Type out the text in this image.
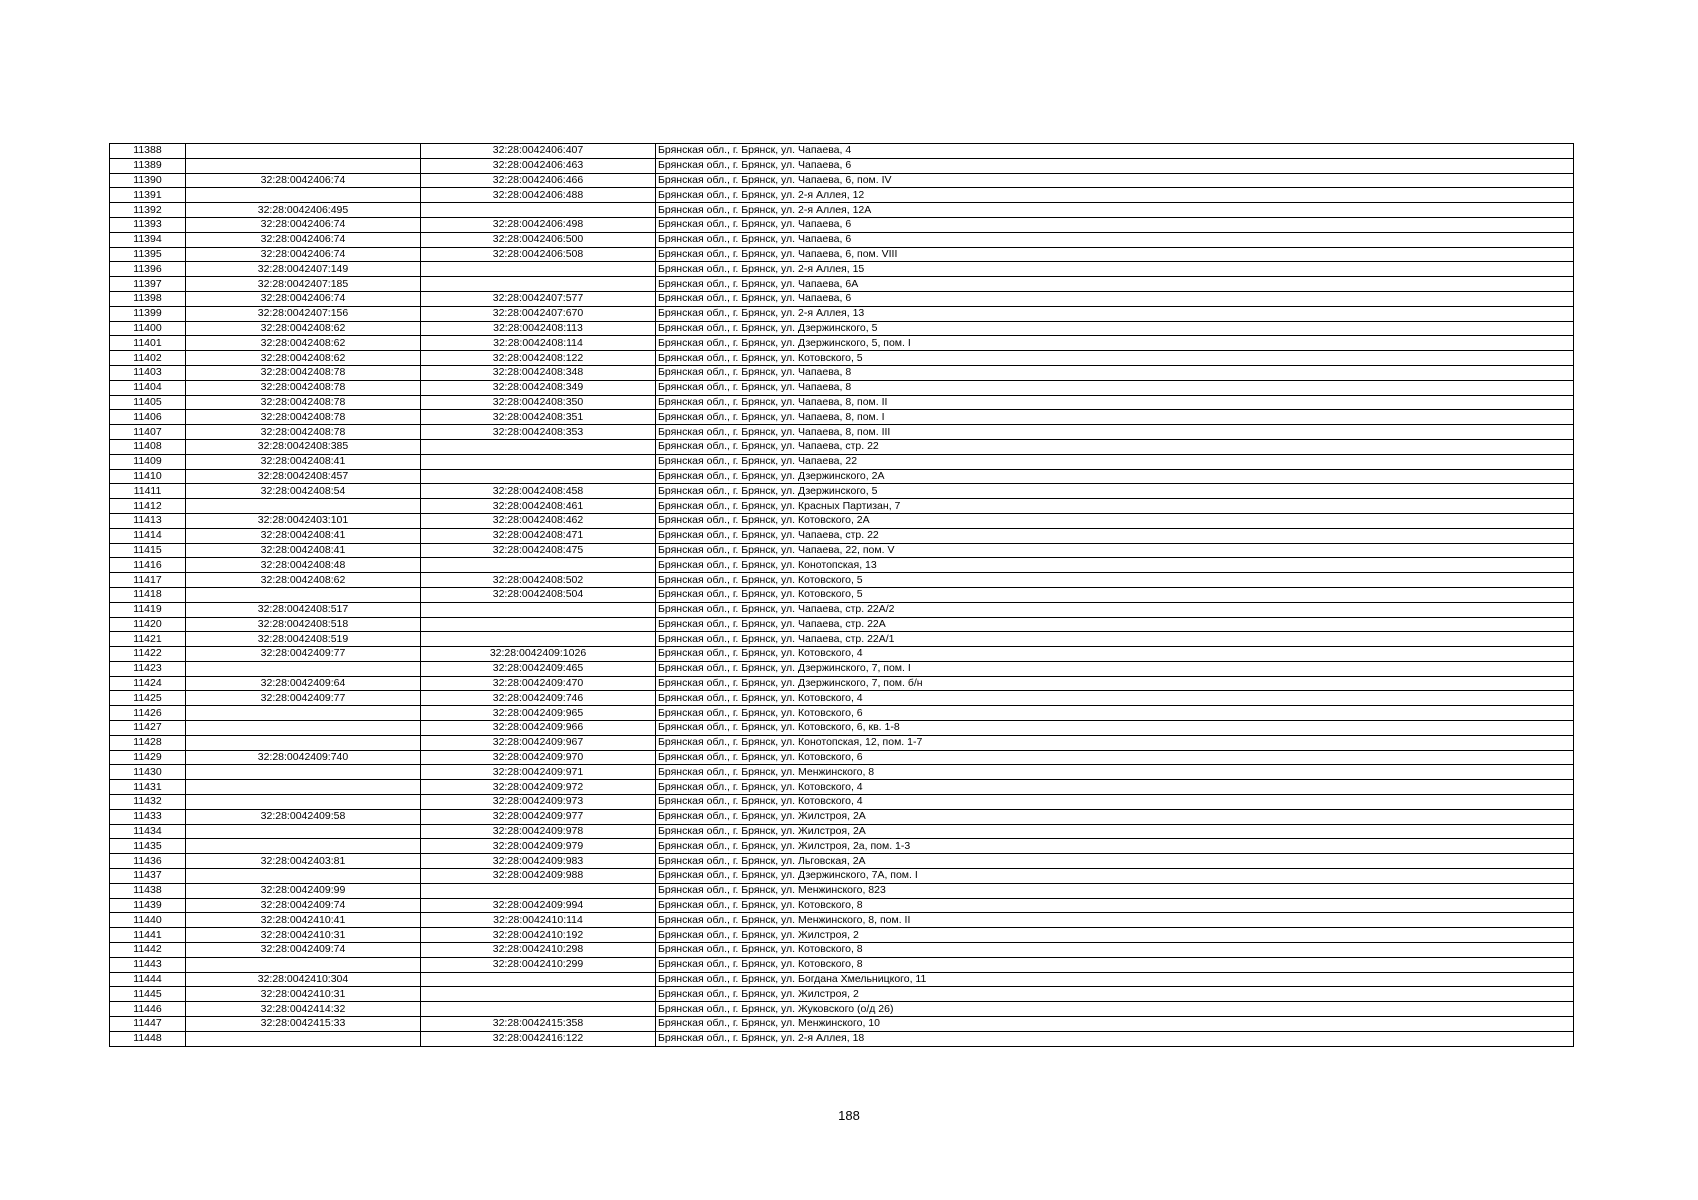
11388		32:28:0042406:407	Брянская обл., г. Брянск, ул. Чапаева, 4
11389		32:28:0042406:463	Брянская обл., г. Брянск, ул. Чапаева, 6
11390	32:28:0042406:74	32:28:0042406:466	Брянская обл., г. Брянск, ул. Чапаева, 6, пом. IV
11391		32:28:0042406:488	Брянская обл., г. Брянск, ул. 2-я Аллея, 12
11392	32:28:0042406:495		Брянская обл., г. Брянск, ул. 2-я Аллея, 12А
11393	32:28:0042406:74	32:28:0042406:498	Брянская обл., г. Брянск, ул. Чапаева, 6
11394	32:28:0042406:74	32:28:0042406:500	Брянская обл., г. Брянск, ул. Чапаева, 6
11395	32:28:0042406:74	32:28:0042406:508	Брянская обл., г. Брянск, ул. Чапаева, 6, пом. VIII
11396	32:28:0042407:149		Брянская обл., г. Брянск, ул. 2-я Аллея, 15
11397	32:28:0042407:185		Брянская обл., г. Брянск, ул. Чапаева, 6А
11398	32:28:0042406:74	32:28:0042407:577	Брянская обл., г. Брянск, ул. Чапаева, 6
11399	32:28:0042407:156	32:28:0042407:670	Брянская обл., г. Брянск, ул. 2-я Аллея, 13
11400	32:28:0042408:62	32:28:0042408:113	Брянская обл., г. Брянск, ул. Дзержинского, 5
11401	32:28:0042408:62	32:28:0042408:114	Брянская обл., г. Брянск, ул. Дзержинского, 5, пом. I
11402	32:28:0042408:62	32:28:0042408:122	Брянская обл., г. Брянск, ул. Котовского, 5
11403	32:28:0042408:78	32:28:0042408:348	Брянская обл., г. Брянск, ул. Чапаева, 8
11404	32:28:0042408:78	32:28:0042408:349	Брянская обл., г. Брянск, ул. Чапаева, 8
11405	32:28:0042408:78	32:28:0042408:350	Брянская обл., г. Брянск, ул. Чапаева, 8, пом. II
11406	32:28:0042408:78	32:28:0042408:351	Брянская обл., г. Брянск, ул. Чапаева, 8, пом. I
11407	32:28:0042408:78	32:28:0042408:353	Брянская обл., г. Брянск, ул. Чапаева, 8, пом. III
11408	32:28:0042408:385		Брянская обл., г. Брянск, ул. Чапаева, стр. 22
11409	32:28:0042408:41		Брянская обл., г. Брянск, ул. Чапаева, 22
11410	32:28:0042408:457		Брянская обл., г. Брянск, ул. Дзержинского, 2А
11411	32:28:0042408:54	32:28:0042408:458	Брянская обл., г. Брянск, ул. Дзержинского, 5
11412		32:28:0042408:461	Брянская обл., г. Брянск, ул. Красных Партизан, 7
11413	32:28:0042403:101	32:28:0042408:462	Брянская обл., г. Брянск, ул. Котовского, 2А
11414	32:28:0042408:41	32:28:0042408:471	Брянская обл., г. Брянск, ул. Чапаева, стр. 22
11415	32:28:0042408:41	32:28:0042408:475	Брянская обл., г. Брянск, ул. Чапаева, 22, пом. V
11416	32:28:0042408:48		Брянская обл., г. Брянск, ул. Конотопская, 13
11417	32:28:0042408:62	32:28:0042408:502	Брянская обл., г. Брянск, ул. Котовского, 5
11418		32:28:0042408:504	Брянская обл., г. Брянск, ул. Котовского, 5
11419	32:28:0042408:517		Брянская обл., г. Брянск, ул. Чапаева, стр. 22А/2
11420	32:28:0042408:518		Брянская обл., г. Брянск, ул. Чапаева, стр. 22А
11421	32:28:0042408:519		Брянская обл., г. Брянск, ул. Чапаева, стр. 22А/1
11422	32:28:0042409:77	32:28:0042409:1026	Брянская обл., г. Брянск, ул. Котовского, 4
11423		32:28:0042409:465	Брянская обл., г. Брянск, ул. Дзержинского, 7, пом. I
11424	32:28:0042409:64	32:28:0042409:470	Брянская обл., г. Брянск, ул. Дзержинского, 7, пом. б/н
11425	32:28:0042409:77	32:28:0042409:746	Брянская обл., г. Брянск, ул. Котовского, 4
11426		32:28:0042409:965	Брянская обл., г. Брянск, ул. Котовского, 6
11427		32:28:0042409:966	Брянская обл., г. Брянск, ул. Котовского, 6, кв. 1-8
11428		32:28:0042409:967	Брянская обл., г. Брянск, ул. Конотопская, 12, пом. 1-7
11429	32:28:0042409:740	32:28:0042409:970	Брянская обл., г. Брянск, ул. Котовского, 6
11430		32:28:0042409:971	Брянская обл., г. Брянск, ул. Менжинского, 8
11431		32:28:0042409:972	Брянская обл., г. Брянск, ул. Котовского, 4
11432		32:28:0042409:973	Брянская обл., г. Брянск, ул. Котовского, 4
11433	32:28:0042409:58	32:28:0042409:977	Брянская обл., г. Брянск, ул. Жилстроя, 2А
11434		32:28:0042409:978	Брянская обл., г. Брянск, ул. Жилстроя, 2А
11435		32:28:0042409:979	Брянская обл., г. Брянск, ул. Жилстроя, 2а, пом. 1-3
11436	32:28:0042403:81	32:28:0042409:983	Брянская обл., г. Брянск, ул. Льговская, 2А
11437		32:28:0042409:988	Брянская обл., г. Брянск, ул. Дзержинского, 7А, пом. I
11438	32:28:0042409:99		Брянская обл., г. Брянск, ул. Менжинского, 823
11439	32:28:0042409:74	32:28:0042409:994	Брянская обл., г. Брянск, ул. Котовского, 8
11440	32:28:0042410:41	32:28:0042410:114	Брянская обл., г. Брянск, ул. Менжинского, 8, пом. II
11441	32:28:0042410:31	32:28:0042410:192	Брянская обл., г. Брянск, ул. Жилстроя, 2
11442	32:28:0042409:74	32:28:0042410:298	Брянская обл., г. Брянск, ул. Котовского, 8
11443		32:28:0042410:299	Брянская обл., г. Брянск, ул. Котовского, 8
11444	32:28:0042410:304		Брянская обл., г. Брянск, ул. Богдана Хмельницкого, 11
11445	32:28:0042410:31		Брянская обл., г. Брянск, ул. Жилстроя, 2
11446	32:28:0042414:32		Брянская обл., г. Брянск, ул. Жуковского (о/д 26)
11447	32:28:0042415:33	32:28:0042415:358	Брянская обл., г. Брянск, ул. Менжинского, 10
11448		32:28:0042416:122	Брянская обл., г. Брянск, ул. 2-я Аллея, 18
188
